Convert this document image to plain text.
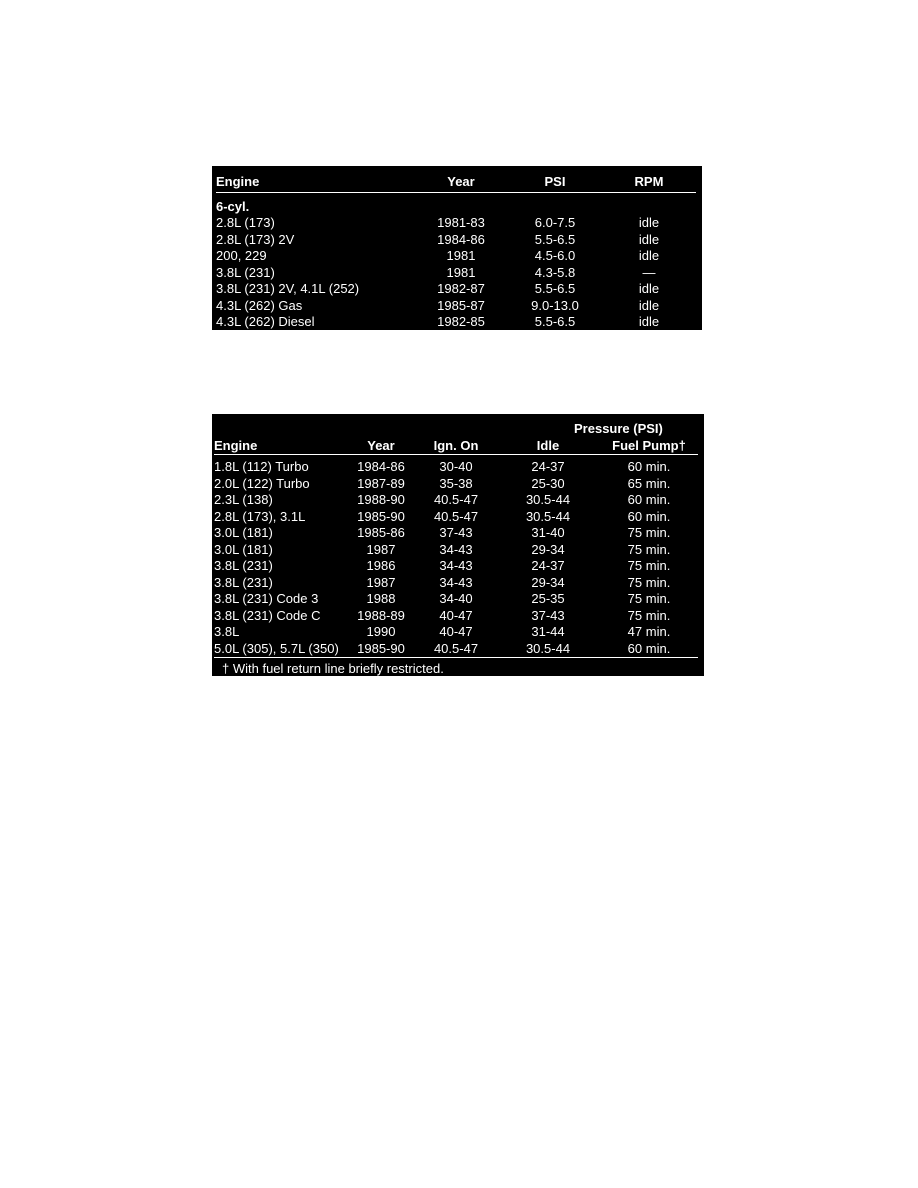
Engine	Year	PSI	RPM

6-cyl.			
2.8L (173)	1981-83	6.0-7.5	idle
2.8L (173) 2V	1984-86	5.5-6.5	idle
200, 229	1981	4.5-6.0	idle
3.8L (231)	1981	4.3-5.8	—
3.8L (231) 2V, 4.1L (252)	1982-87	5.5-6.5	idle
4.3L (262) Gas	1985-87	9.0-13.0	idle
4.3L (262) Diesel	1982-85	5.5-6.5	idle
			Pressure (PSI)	
Engine	Year	Ign. On	Idle	Fuel Pump†

1.8L (112) Turbo	1984-86	30-40	24-37	60 min.
2.0L (122) Turbo	1987-89	35-38	25-30	65 min.
2.3L (138)	1988-90	40.5-47	30.5-44	60 min.
2.8L (173), 3.1L	1985-90	40.5-47	30.5-44	60 min.
3.0L (181)	1985-86	37-43	31-40	75 min.
3.0L (181)	1987	34-43	29-34	75 min.
3.8L (231)	1986	34-43	24-37	75 min.
3.8L (231)	1987	34-43	29-34	75 min.
3.8L (231) Code 3	1988	34-40	25-35	75 min.
3.8L (231) Code C	1988-89	40-47	37-43	75 min.
3.8L	1990	40-47	31-44	47 min.
5.0L (305), 5.7L (350)	1985-90	40.5-47	30.5-44	60 min.
† With fuel return line briefly restricted.				
